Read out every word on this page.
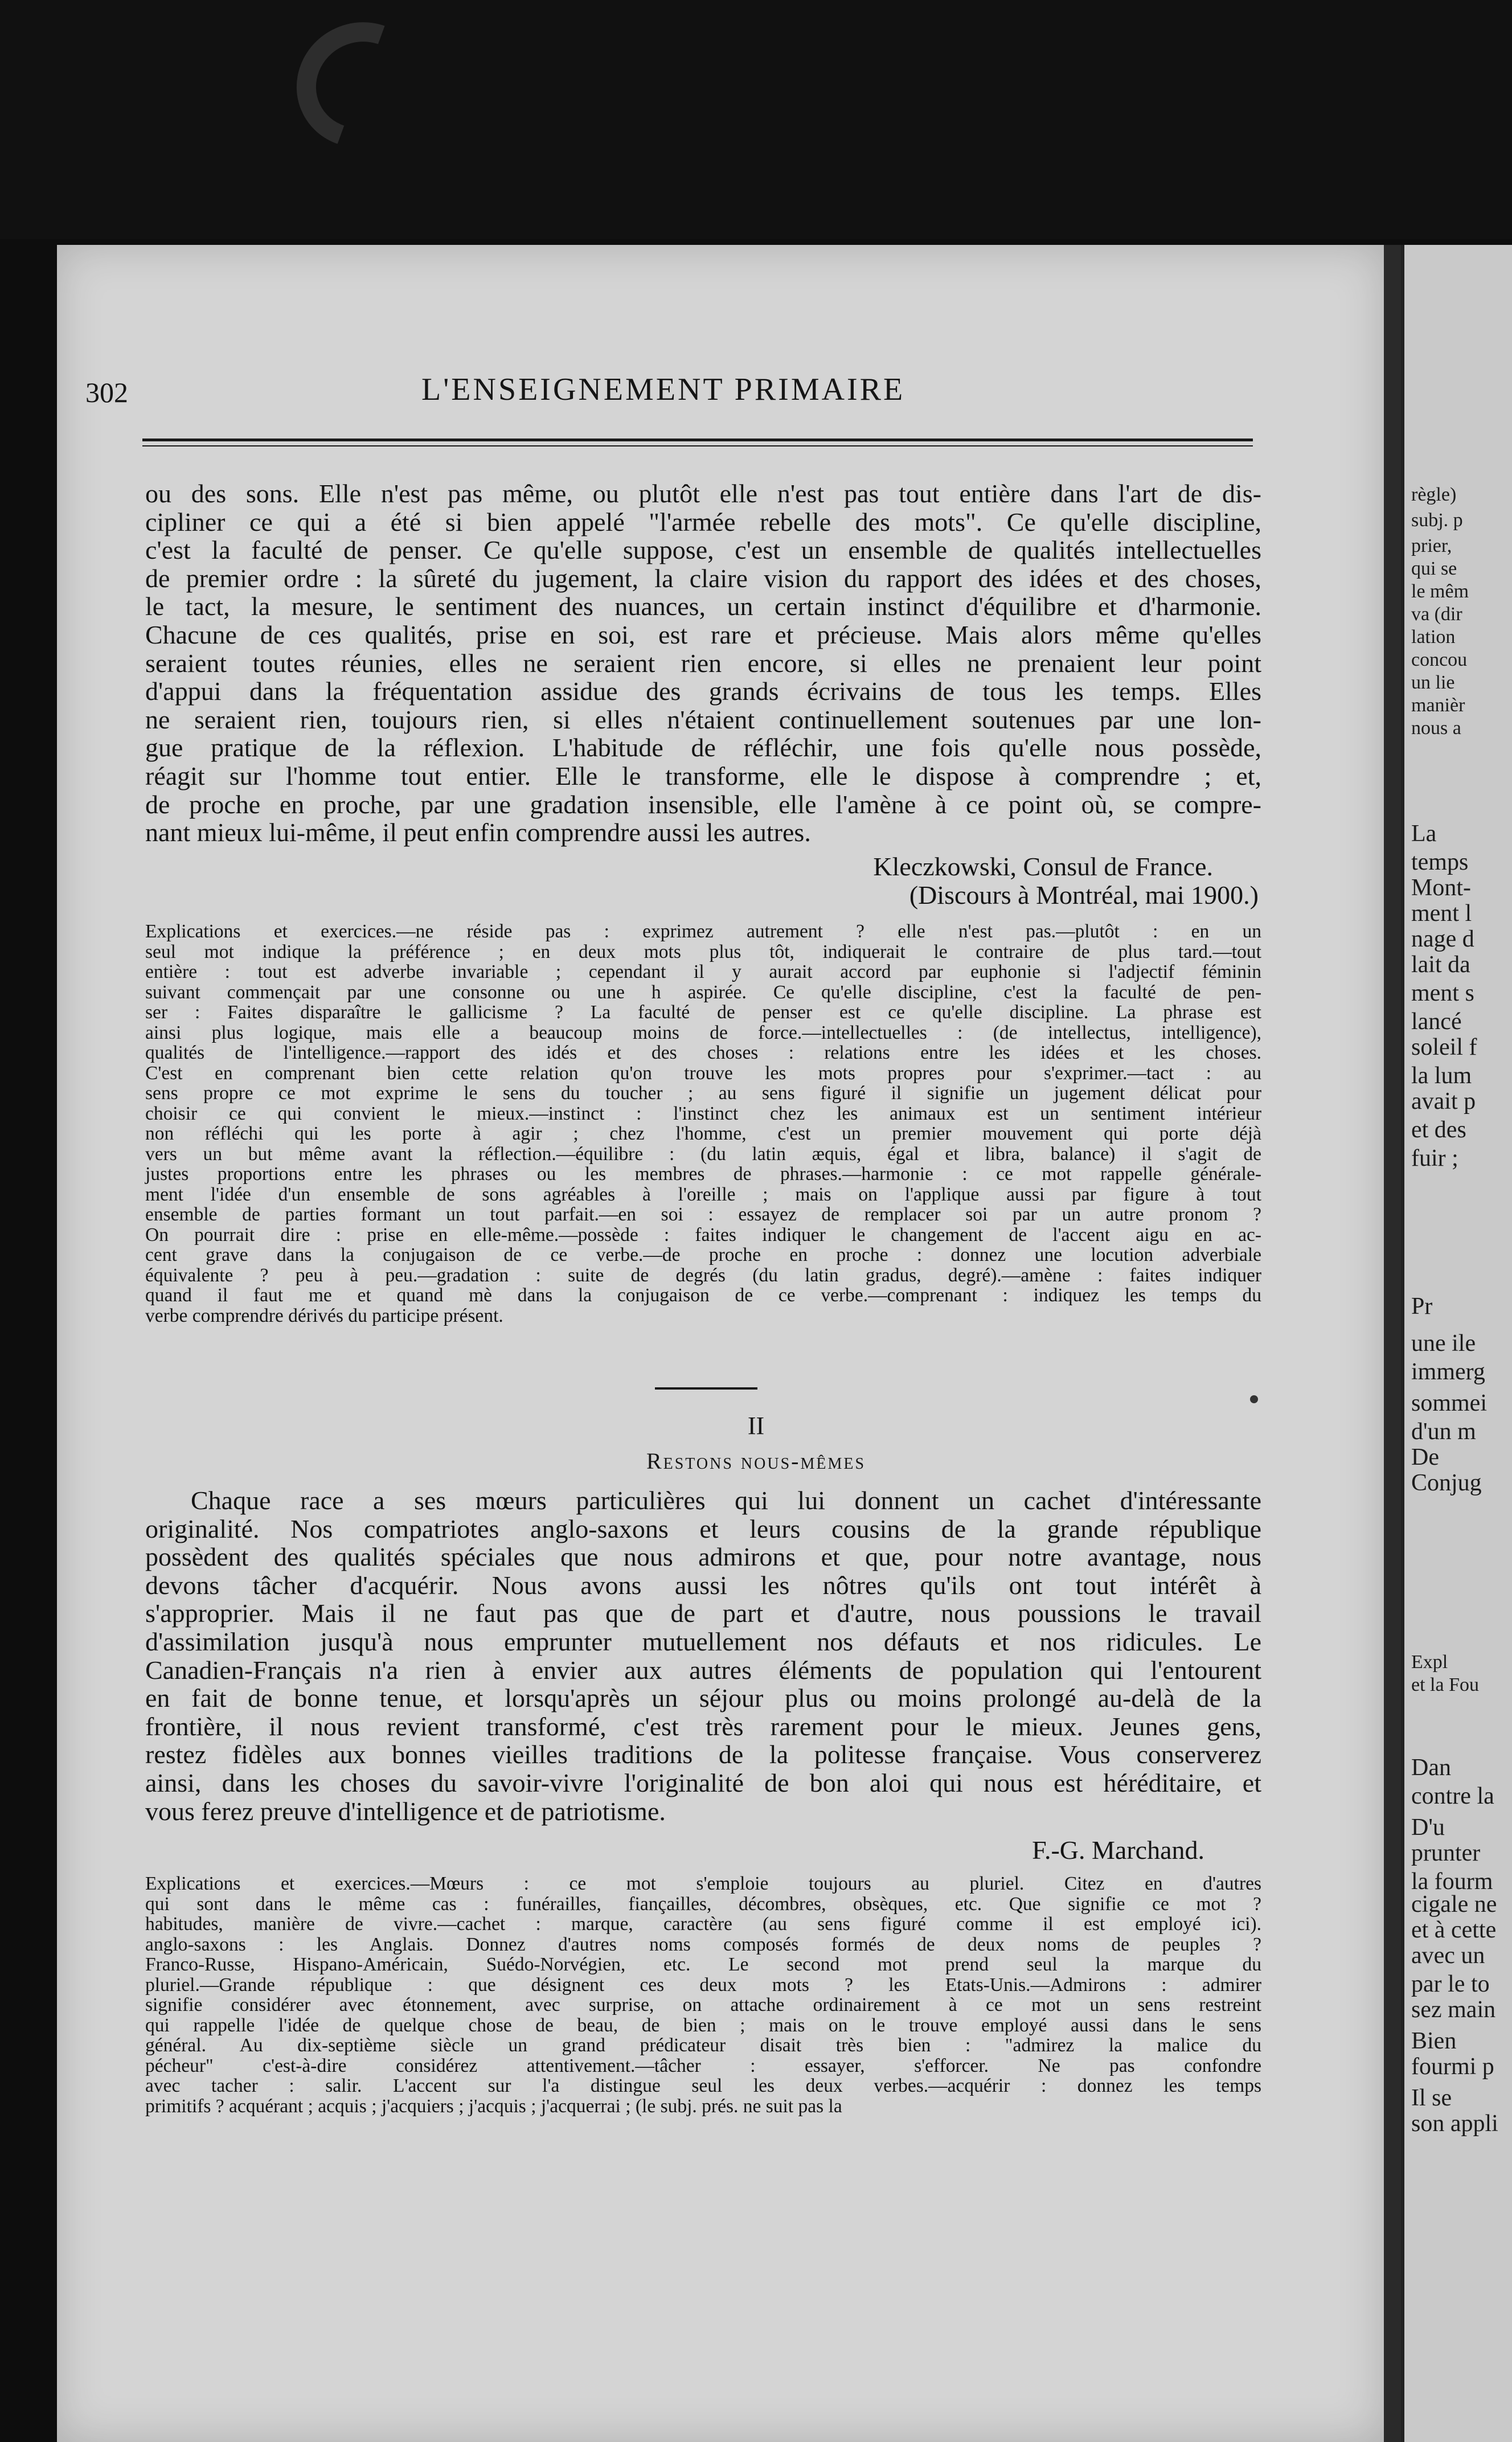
règle)
subj. p
prier,
qui se
le mêm
va (dir
lation
concou
un lie
manièr
nous a
La
temps
Mont-
ment l
nage d
lait da
ment s
lancé
soleil f
la lum
avait p
et des
fuir ;
Pr
une ile
immerg
sommei
d'un m
De
Conjug
Expl
et la Fou
Dan
contre la
D'u
prunter
la fourm
cigale ne
et à cette
avec un
par le to
sez main
Bien
fourmi p
Il se
son appli
302	L'ENSEIGNEMENT PRIMAIRE
ou des sons. Elle n'est pas même, ou plutôt elle n'est pas tout entière dans l'art de dis-
cipliner ce qui a été si bien appelé "l'armée rebelle des mots". Ce qu'elle discipline,
c'est la faculté de penser. Ce qu'elle suppose, c'est un ensemble de qualités intellectuelles
de premier ordre : la sûreté du jugement, la claire vision du rapport des idées et des choses,
le tact, la mesure, le sentiment des nuances, un certain instinct d'équilibre et d'harmonie.
Chacune de ces qualités, prise en soi, est rare et précieuse. Mais alors même qu'elles
seraient toutes réunies, elles ne seraient rien encore, si elles ne prenaient leur point
d'appui dans la fréquentation assidue des grands écrivains de tous les temps. Elles
ne seraient rien, toujours rien, si elles n'étaient continuellement soutenues par une lon-
gue pratique de la réflexion. L'habitude de réfléchir, une fois qu'elle nous possède,
réagit sur l'homme tout entier. Elle le transforme, elle le dispose à comprendre ; et,
de proche en proche, par une gradation insensible, elle l'amène à ce point où, se compre-
nant mieux lui-même, il peut enfin comprendre aussi les autres.
Kleczkowski, Consul de France.
(Discours à Montréal, mai 1900.)
Explications et exercices.—ne réside pas : exprimez autrement ? elle n'est pas.—plutôt : en un
seul mot indique la préférence ; en deux mots plus tôt, indiquerait le contraire de plus tard.—tout
entière : tout est adverbe invariable ; cependant il y aurait accord par euphonie si l'adjectif féminin
suivant commençait par une consonne ou une h aspirée. Ce qu'elle discipline, c'est la faculté de pen-
ser : Faites disparaître le gallicisme ? La faculté de penser est ce qu'elle discipline. La phrase est
ainsi plus logique, mais elle a beaucoup moins de force.—intellectuelles : (de intellectus, intelligence),
qualités de l'intelligence.—rapport des idés et des choses : relations entre les idées et les choses.
C'est en comprenant bien cette relation qu'on trouve les mots propres pour s'exprimer.—tact : au
sens propre ce mot exprime le sens du toucher ; au sens figuré il signifie un jugement délicat pour
choisir ce qui convient le mieux.—instinct : l'instinct chez les animaux est un sentiment intérieur
non réfléchi qui les porte à agir ; chez l'homme, c'est un premier mouvement qui porte déjà
vers un but même avant la réflection.—équilibre : (du latin æquis, égal et libra, balance) il s'agit de
justes proportions entre les phrases ou les membres de phrases.—harmonie : ce mot rappelle générale-
ment l'idée d'un ensemble de sons agréables à l'oreille ; mais on l'applique aussi par figure à tout
ensemble de parties formant un tout parfait.—en soi : essayez de remplacer soi par un autre pronom ?
On pourrait dire : prise en elle-même.—possède : faites indiquer le changement de l'accent aigu en ac-
cent grave dans la conjugaison de ce verbe.—de proche en proche : donnez une locution adverbiale
équivalente ? peu à peu.—gradation : suite de degrés (du latin gradus, degré).—amène : faites indiquer
quand il faut me et quand mè dans la conjugaison de ce verbe.—comprenant : indiquez les temps du
verbe comprendre dérivés du participe présent.
II
Restons nous-mêmes
Chaque race a ses mœurs particulières qui lui donnent un cachet d'intéressante
originalité. Nos compatriotes anglo-saxons et leurs cousins de la grande république
possèdent des qualités spéciales que nous admirons et que, pour notre avantage, nous
devons tâcher d'acquérir. Nous avons aussi les nôtres qu'ils ont tout intérêt à
s'approprier. Mais il ne faut pas que de part et d'autre, nous poussions le travail
d'assimilation jusqu'à nous emprunter mutuellement nos défauts et nos ridicules. Le
Canadien-Français n'a rien à envier aux autres éléments de population qui l'entourent
en fait de bonne tenue, et lorsqu'après un séjour plus ou moins prolongé au-delà de la
frontière, il nous revient transformé, c'est très rarement pour le mieux. Jeunes gens,
restez fidèles aux bonnes vieilles traditions de la politesse française. Vous conserverez
ainsi, dans les choses du savoir-vivre l'originalité de bon aloi qui nous est héréditaire, et
vous ferez preuve d'intelligence et de patriotisme.
F.-G. Marchand.
Explications et exercices.—Mœurs : ce mot s'emploie toujours au pluriel. Citez en d'autres
qui sont dans le même cas : funérailles, fiançailles, décombres, obsèques, etc. Que signifie ce mot ?
habitudes, manière de vivre.—cachet : marque, caractère (au sens figuré comme il est employé ici).
anglo-saxons : les Anglais. Donnez d'autres noms composés formés de deux noms de peuples ?
Franco-Russe, Hispano-Américain, Suédo-Norvégien, etc. Le second mot prend seul la marque du
pluriel.—Grande république : que désignent ces deux mots ? les Etats-Unis.—Admirons : admirer
signifie considérer avec étonnement, avec surprise, on attache ordinairement à ce mot un sens restreint
qui rappelle l'idée de quelque chose de beau, de bien ; mais on le trouve employé aussi dans le sens
général. Au dix-septième siècle un grand prédicateur disait très bien : "admirez la malice du
pécheur" c'est-à-dire considérez attentivement.—tâcher : essayer, s'efforcer. Ne pas confondre
avec tacher : salir. L'accent sur l'a distingue seul les deux verbes.—acquérir : donnez les temps
primitifs ? acquérant ; acquis ; j'acquiers ; j'acquis ; j'acquerrai ; (le subj. prés. ne suit pas la
